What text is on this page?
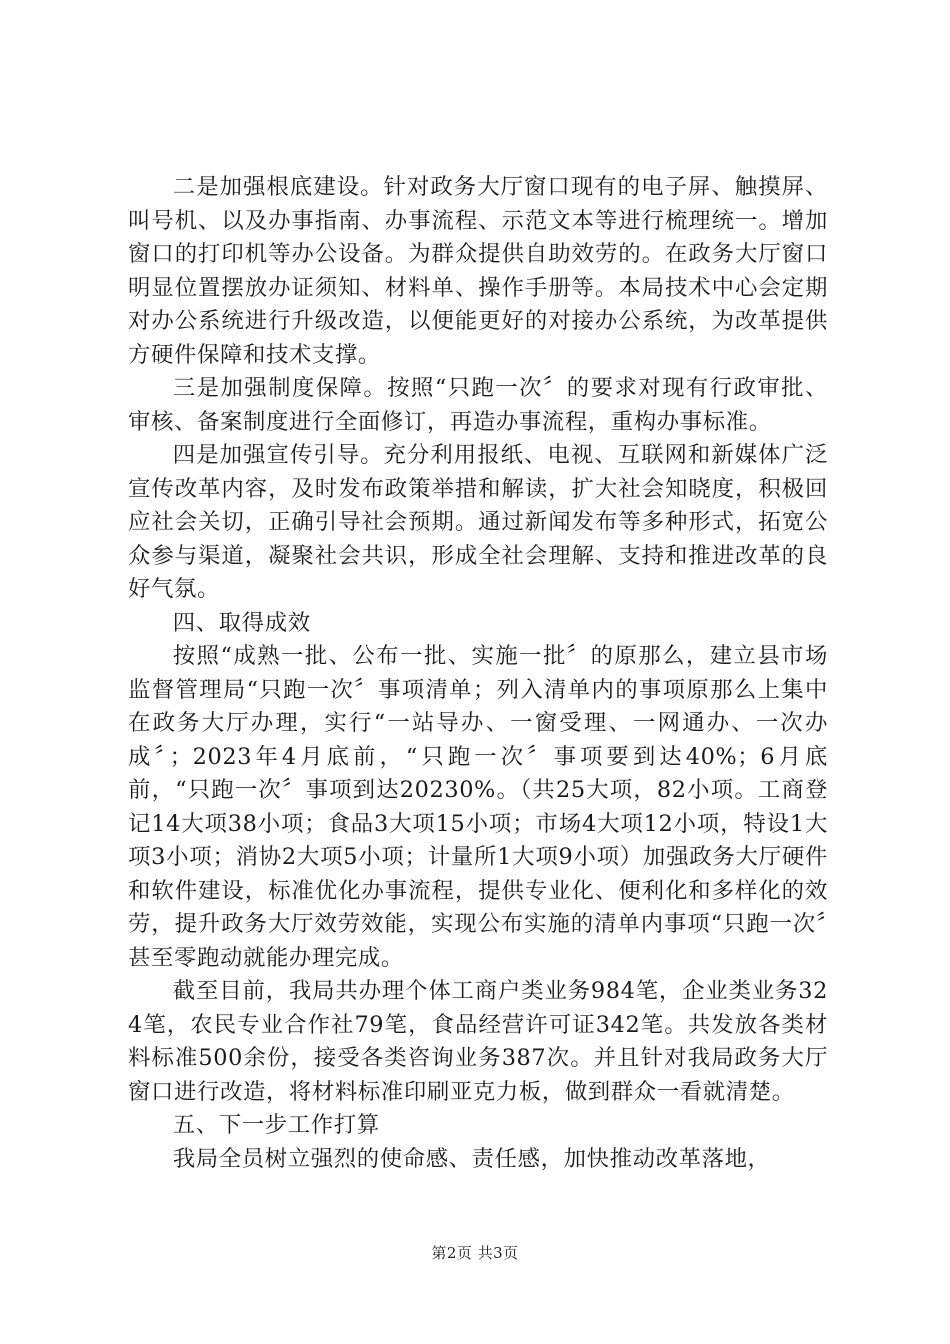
二是加强根底建设。针对政务大厅窗口现有的电子屏、触摸屏、叫号机、以及办事指南、办事流程、示范文本等进行梳理统一。增加窗口的打印机等办公设备。为群众提供自助效劳的。在政务大厅窗口明显位置摆放办证须知、材料单、操作手册等。本局技术中心会定期对办公系统进行升级改造，以便能更好的对接办公系统，为改革提供方硬件保障和技术支撑。

三是加强制度保障。按照“只跑一次〞的要求对现有行政审批、审核、备案制度进行全面修订，再造办事流程，重构办事标准。

四是加强宣传引导。充分利用报纸、电视、互联网和新媒体广泛宣传改革内容，及时发布政策举措和解读，扩大社会知晓度，积极回应社会关切，正确引导社会预期。通过新闻发布等多种形式，拓宽公众参与渠道，凝聚社会共识，形成全社会理解、支持和推进改革的良好气氛。

四、取得成效

按照“成熟一批、公布一批、实施一批〞的原那么，建立县市场监督管理局“只跑一次〞事项清单；列入清单内的事项原那么上集中在政务大厅办理，实行“一站导办、一窗受理、一网通办、一次办成〞；2023年4月底前，“只跑一次〞事项要到达40%；6月底前，“只跑一次〞事项到达20230%。（共25大项，82小项。工商登记14大项38小项；食品3大项15小项；市场4大项12小项，特设1大项3小项；消协2大项5小项；计量所1大项9小项）加强政务大厅硬件和软件建设，标准优化办事流程，提供专业化、便利化和多样化的效劳，提升政务大厅效劳效能，实现公布实施的清单内事项“只跑一次〞甚至零跑动就能办理完成。

截至目前，我局共办理个体工商户类业务984笔，企业类业务324笔，农民专业合作社79笔，食品经营许可证342笔。共发放各类材料标准500余份，接受各类咨询业务387次。并且针对我局政务大厅窗口进行改造，将材料标准印刷亚克力板，做到群众一看就清楚。

五、下一步工作打算

我局全员树立强烈的使命感、责任感，加快推动改革落地，

第2页 共3页
